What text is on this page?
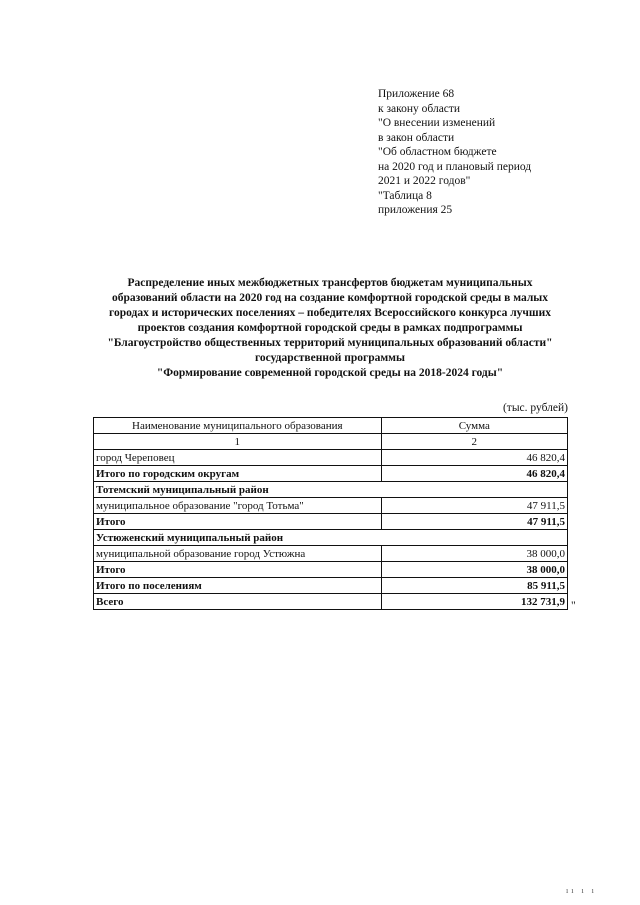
Приложение 68
к закону области
"О внесении изменений
в закон области
"Об областном бюджете
на 2020 год и плановый период
2021 и 2022 годов"
"Таблица 8
приложения 25
Распределение иных межбюджетных трансфертов бюджетам муниципальных
образований области на 2020 год на создание комфортной городской среды в малых
городах и исторических поселениях – победителях Всероссийского конкурса лучших
проектов создания комфортной городской среды в рамках подпрограммы
"Благоустройство общественных территорий муниципальных образований области"
государственной программы
"Формирование современной городской среды на 2018-2024 годы"
(тыс. рублей)
Наименование муниципального образования	Сумма
1	2
город Череповец	46 820,4
Итого по городским округам	46 820,4
Тотемский муниципальный район	
муниципальное образование "город Тотьма"	47 911,5
Итого	47 911,5
Устюженский муниципальный район	
муниципальной образование город Устюжна	38 000,0
Итого	38 000,0
Итого по поселениям	85 911,5
Всего	132 731,9 "
ıı ı ı
